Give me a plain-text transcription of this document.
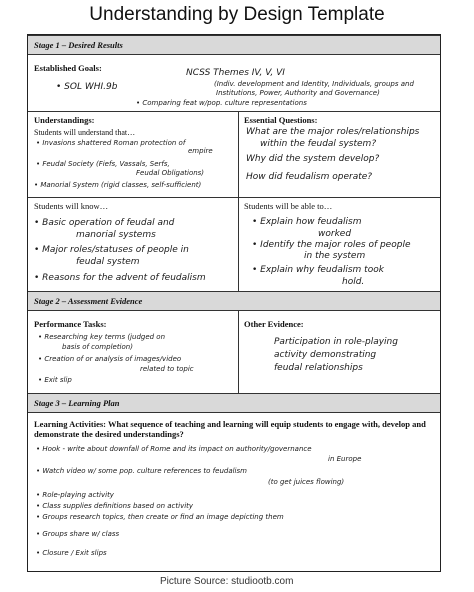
Understanding by Design Template
Stage 1 – Desired Results
Established Goals:
• SOL WHI.9b
NCSS Themes IV, V, VI
(Indiv. development and Identity, Individuals, groups and
Institutions, Power, Authority and Governance)
• Comparing feat w/pop. culture representations
Understandings:
Students will understand that…
• Invasions shattered Roman protection of
empire
• Feudal Society (Fiefs, Vassals, Serfs,
Feudal Obligations)
• Manorial System (rigid classes, self-sufficient)
Essential Questions:
What are the major roles/relationships
within the feudal system?
Why did the system develop?
How did feudalism operate?
Students will know…
• Basic operation of feudal and
manorial systems
• Major roles/statuses of people in
feudal system
• Reasons for the advent of feudalism
Students will be able to…
• Explain how feudalism
worked
• Identify the major roles of people
in the system
• Explain why feudalism took
hold.
Stage 2 – Assessment Evidence
Performance Tasks:
• Researching key terms (judged on
basis of completion)
• Creation of or analysis of images/video
related to topic
• Exit slip
Other Evidence:
Participation in role-playing
activity demonstrating
feudal relationships
Stage 3 – Learning Plan
Learning Activities: What sequence of teaching and learning will equip students to engage with, develop and demonstrate the desired understandings?
• Hook - write about downfall of Rome and its impact on authority/governance
in Europe
• Watch video w/ some pop. culture references to feudalism
(to get juices flowing)
• Role-playing activity
• Class supplies definitions based on activity
• Groups research topics, then create or find an image depicting them
• Groups share w/ class
• Closure / Exit slips
Picture Source: studiootb.com
